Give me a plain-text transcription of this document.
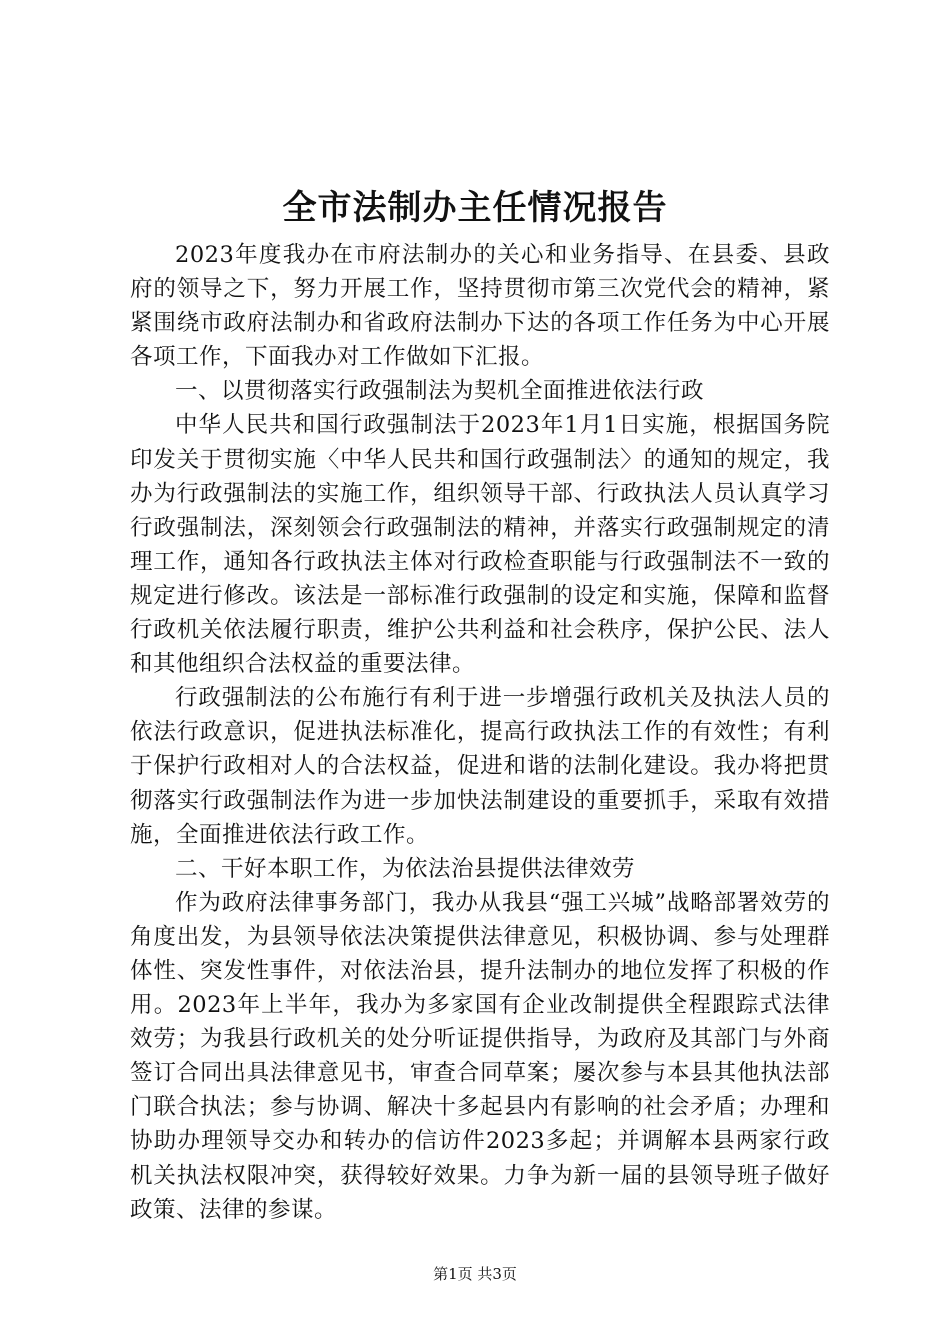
全市法制办主任情况报告

2023年度我办在市府法制办的关心和业务指导、在县委、县政府的领导之下，努力开展工作，坚持贯彻市第三次党代会的精神，紧紧围绕市政府法制办和省政府法制办下达的各项工作任务为中心开展各项工作，下面我办对工作做如下汇报。

一、以贯彻落实行政强制法为契机全面推进依法行政

中华人民共和国行政强制法于2023年1月1日实施，根据国务院印发关于贯彻实施〈中华人民共和国行政强制法〉的通知的规定，我办为行政强制法的实施工作，组织领导干部、行政执法人员认真学习行政强制法，深刻领会行政强制法的精神，并落实行政强制规定的清理工作，通知各行政执法主体对行政检查职能与行政强制法不一致的规定进行修改。该法是一部标准行政强制的设定和实施，保障和监督行政机关依法履行职责，维护公共利益和社会秩序，保护公民、法人和其他组织合法权益的重要法律。

行政强制法的公布施行有利于进一步增强行政机关及执法人员的依法行政意识，促进执法标准化，提高行政执法工作的有效性；有利于保护行政相对人的合法权益，促进和谐的法制化建设。我办将把贯彻落实行政强制法作为进一步加快法制建设的重要抓手，采取有效措施，全面推进依法行政工作。

二、干好本职工作，为依法治县提供法律效劳

作为政府法律事务部门，我办从我县“强工兴城”战略部署效劳的角度出发，为县领导依法决策提供法律意见，积极协调、参与处理群体性、突发性事件，对依法治县，提升法制办的地位发挥了积极的作用。2023年上半年，我办为多家国有企业改制提供全程跟踪式法律效劳；为我县行政机关的处分听证提供指导，为政府及其部门与外商签订合同出具法律意见书，审查合同草案；屡次参与本县其他执法部门联合执法；参与协调、解决十多起县内有影响的社会矛盾；办理和协助办理领导交办和转办的信访件2023多起；并调解本县两家行政机关执法权限冲突，获得较好效果。力争为新一届的县领导班子做好政策、法律的参谋。

第1页 共3页
